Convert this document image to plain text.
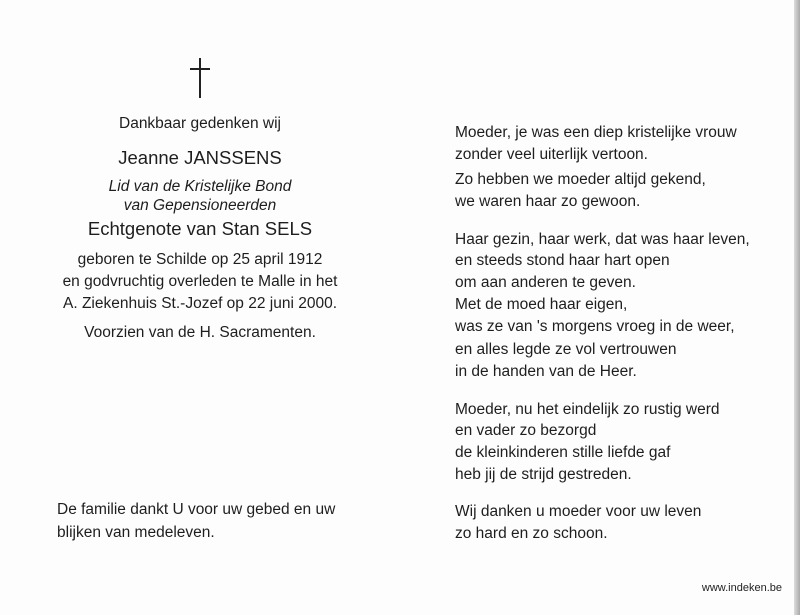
Dankbaar gedenken wij
Jeanne JANSSENS
Lid van de Kristelijke Bond
van Gepensioneerden
Echtgenote van Stan SELS
geboren te Schilde op 25 april 1912
en godvruchtig overleden te Malle in het
A. Ziekenhuis St.-Jozef op 22 juni 2000.
Voorzien van de H. Sacramenten.
De familie dankt U voor uw gebed en uw
blijken van medeleven.
Moeder, je was een diep kristelijke vrouw
zonder veel uiterlijk vertoon.
Zo hebben we moeder altijd gekend,
we waren haar zo gewoon.
Haar gezin, haar werk, dat was haar leven,
en steeds stond haar hart open
om aan anderen te geven.
Met de moed haar eigen,
was ze van 's morgens vroeg in de weer,
en alles legde ze vol vertrouwen
in de handen van de Heer.
Moeder, nu het eindelijk zo rustig werd
en vader zo bezorgd
de kleinkinderen stille liefde gaf
heb jij de strijd gestreden.
Wij danken u moeder voor uw leven
zo hard en zo schoon.
www.indeken.be
